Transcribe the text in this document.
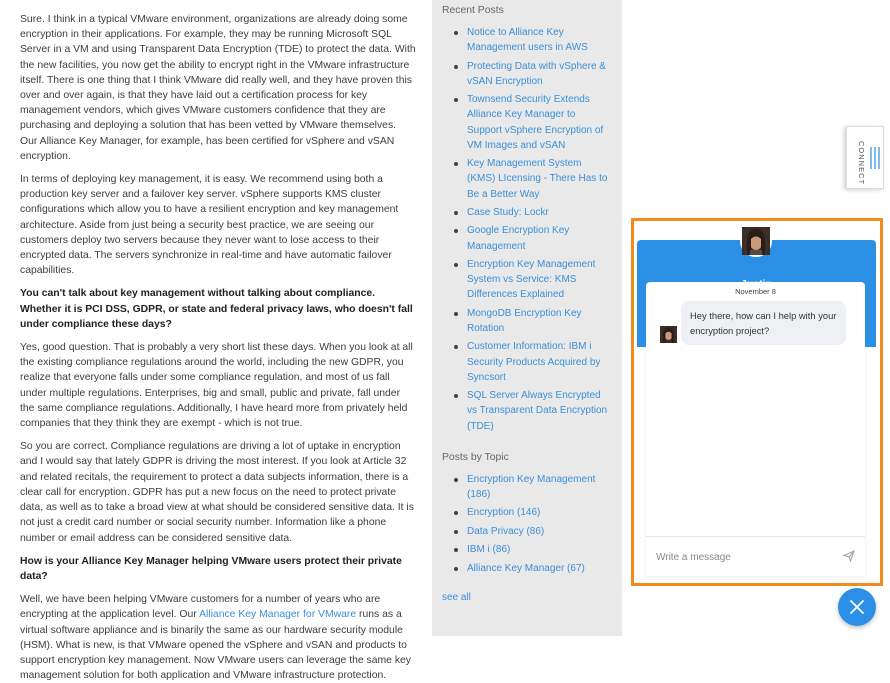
Sure. I think in a typical VMware environment, organizations are already doing some encryption in their applications. For example, they may be running Microsoft SQL Server in a VM and using Transparent Data Encryption (TDE) to protect the data. With the new facilities, you now get the ability to encrypt right in the VMware infrastructure itself. There is one thing that I think VMware did really well, and they have proven this over and over again, is that they have laid out a certification process for key management vendors, which gives VMware customers confidence that they are purchasing and deploying a solution that has been vetted by VMware themselves. Our Alliance Key Manager, for example, has been certified for vSphere and vSAN encryption.

In terms of deploying key management, it is easy. We recommend using both a production key server and a failover key server. vSphere supports KMS cluster configurations which allow you to have a resilient encryption and key management architecture. Aside from just being a security best practice, we are seeing our customers deploy two servers because they never want to lose access to their encrypted data. The servers synchronize in real-time and have automatic failover capabilities.

You can't talk about key management without talking about compliance. Whether it is PCI DSS, GDPR, or state and federal privacy laws, who doesn't fall under compliance these days?

Yes, good question. That is probably a very short list these days. When you look at all the existing compliance regulations around the world, including the new GDPR, you realize that everyone falls under some compliance regulation, and most of us fall under multiple regulations. Enterprises, big and small, public and private, fall under the same compliance regulations. Additionally, I have heard more from privately held companies that they think they are exempt - which is not true.

So you are correct. Compliance regulations are driving a lot of uptake in encryption and I would say that lately GDPR is driving the most interest. If you look at Article 32 and related recitals, the requirement to protect a data subjects information, there is a clear call for encryption. GDPR has put a new focus on the need to protect private data, as well as to take a broad view at what should be considered sensitive data. It is not just a credit card number or social security number. Information like a phone number or email address can be considered sensitive data.

How is your Alliance Key Manager helping VMware users protect their private data?

Well, we have been helping VMware customers for a number of years who are encrypting at the application level. Our Alliance Key Manager for VMware runs as a virtual software appliance and is binarily the same as our hardware security module (HSM). What is new, is that VMware opened the vSphere and vSAN and products to support encryption key management. Now VMware users can leverage the same key management solution for both application and VMware infrastructure protection.

Recent Posts
Notice to Alliance Key Management users in AWS
Protecting Data with vSphere & vSAN Encryption
Townsend Security Extends Alliance Key Manager to Support vSphere Encryption of VM Images and vSAN
Key Management System (KMS) LIcensing - There Has to Be a Better Way
Case Study: Lockr
Google Encryption Key Management
Encryption Key Management System vs Service: KMS Differences Explained
MongoDB Encryption Key Rotation
Customer Information: IBM i Security Products Acquired by Syncsort
SQL Server Always Encrypted vs Transparent Data Encryption (TDE)
Posts by Topic
Encryption Key Management (186)
Encryption (146)
Data Privacy (86)
IBM i (86)
Alliance Key Manager (67)
see all
CONNECT
November 8
Hey there, how can I help with your encryption project?
Write a message
